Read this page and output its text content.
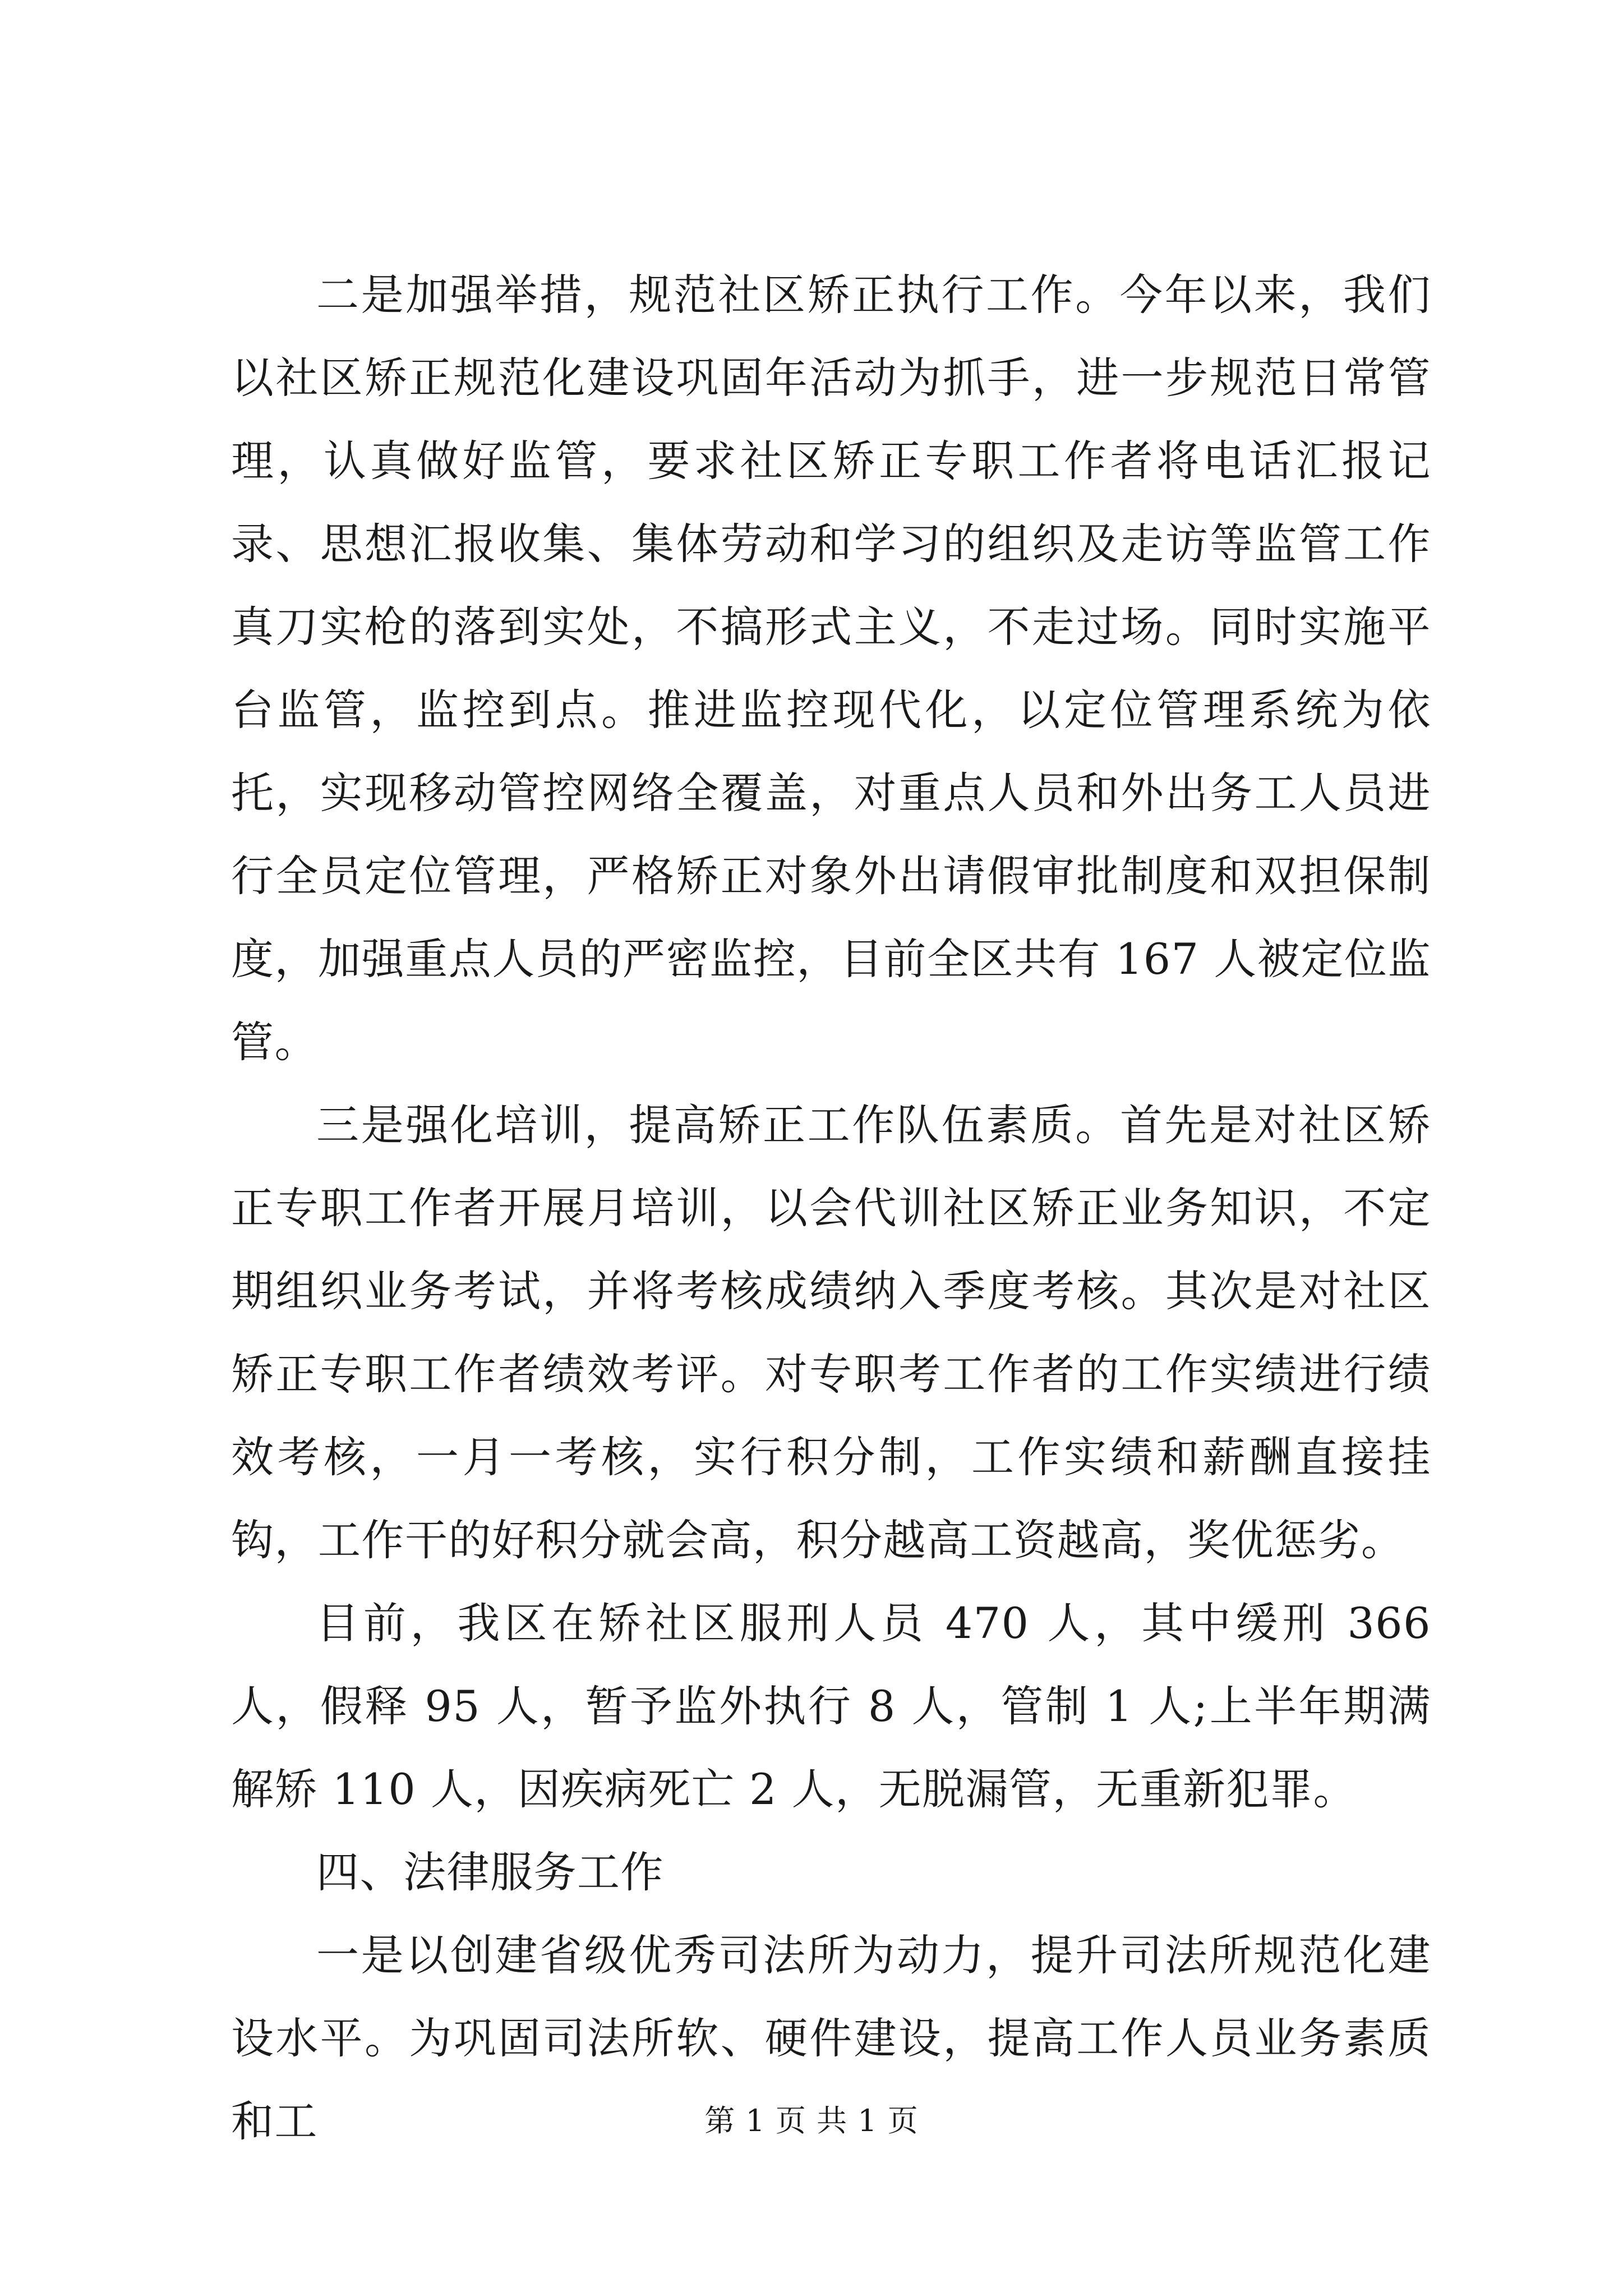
二是加强举措，规范社区矫正执行工作。今年以来，我们以社区矫正规范化建设巩固年活动为抓手，进一步规范日常管理，认真做好监管，要求社区矫正专职工作者将电话汇报记录、思想汇报收集、集体劳动和学习的组织及走访等监管工作真刀实枪的落到实处，不搞形式主义，不走过场。同时实施平台监管，监控到点。推进监控现代化，以定位管理系统为依托，实现移动管控网络全覆盖，对重点人员和外出务工人员进行全员定位管理，严格矫正对象外出请假审批制度和双担保制度，加强重点人员的严密监控，目前全区共有 167 人被定位监管。

三是强化培训，提高矫正工作队伍素质。首先是对社区矫正专职工作者开展月培训，以会代训社区矫正业务知识，不定期组织业务考试，并将考核成绩纳入季度考核。其次是对社区矫正专职工作者绩效考评。对专职考工作者的工作实绩进行绩效考核，一月一考核，实行积分制，工作实绩和薪酬直接挂钩，工作干的好积分就会高，积分越高工资越高，奖优惩劣。

目前，我区在矫社区服刑人员 470 人，其中缓刑 366 人，假释 95 人，暂予监外执行 8 人，管制 1 人;上半年期满解矫 110 人，因疾病死亡 2 人，无脱漏管，无重新犯罪。

四、法律服务工作

一是以创建省级优秀司法所为动力，提升司法所规范化建设水平。为巩固司法所软、硬件建设，提高工作人员业务素质和工	第 1 页 共 1 页
